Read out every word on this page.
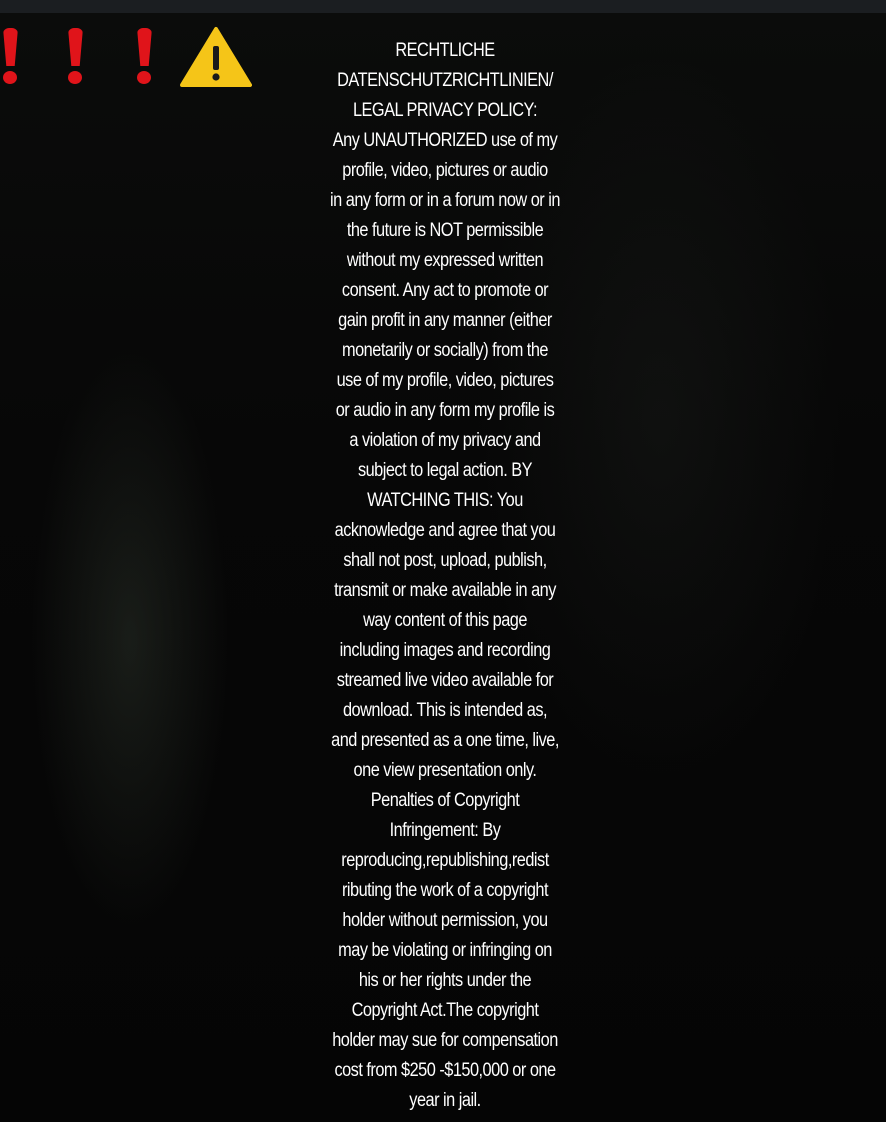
RECHTLICHE
DATENSCHUTZRICHTLINIEN/
LEGAL PRIVACY POLICY:
Any UNAUTHORIZED use of my
profile, video, pictures or audio
in any form or in a forum now or in
the future is NOT permissible
without my expressed written
consent. Any act to promote or
gain profit in any manner (either
monetarily or socially) from the
use of my profile, video, pictures
or audio in any form my profile is
a violation of my privacy and
subject to legal action. BY
WATCHING THIS: You
acknowledge and agree that you
shall not post, upload, publish,
transmit or make available in any
way content of this page
including images and recording
streamed live video available for
download. This is intended as,
and presented as a one time, live,
one view presentation only.
Penalties of Copyright
Infringement: By
reproducing,republishing,redist
ributing the work of a copyright
holder without permission, you
may be violating or infringing on
his or her rights under the
Copyright Act.The copyright
holder may sue for compensation
cost from $250 -$150,000 or one
year in jail.
